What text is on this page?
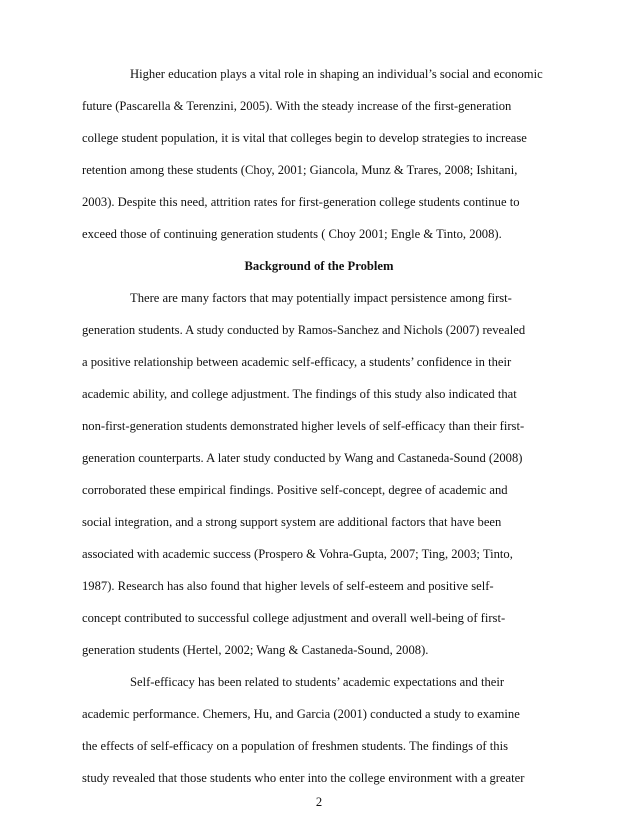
Higher education plays a vital role in shaping an individual’s social and economic
future (Pascarella & Terenzini, 2005). With the steady increase of the first-generation
college student population, it is vital that colleges begin to develop strategies to increase
retention among these students (Choy, 2001; Giancola, Munz & Trares, 2008; Ishitani,
2003). Despite this need, attrition rates for first-generation college students continue to
exceed those of continuing generation students ( Choy 2001; Engle & Tinto, 2008).
Background of the Problem
There are many factors that may potentially impact persistence among first-
generation students. A study conducted by Ramos-Sanchez and Nichols (2007) revealed
a positive relationship between academic self-efficacy, a students’ confidence in their
academic ability, and college adjustment. The findings of this study also indicated that
non-first-generation students demonstrated higher levels of self-efficacy than their first-
generation counterparts. A later study conducted by Wang and Castaneda-Sound (2008)
corroborated these empirical findings. Positive self-concept, degree of academic and
social integration, and a strong support system are additional factors that have been
associated with academic success (Prospero & Vohra-Gupta, 2007; Ting, 2003; Tinto,
1987). Research has also found that higher levels of self-esteem and positive self-
concept contributed to successful college adjustment and overall well-being of first-
generation students (Hertel, 2002; Wang & Castaneda-Sound, 2008).
Self-efficacy has been related to students’ academic expectations and their
academic performance. Chemers, Hu, and Garcia (2001) conducted a study to examine
the effects of self-efficacy on a population of freshmen students. The findings of this
study revealed that those students who enter into the college environment with a greater
2
